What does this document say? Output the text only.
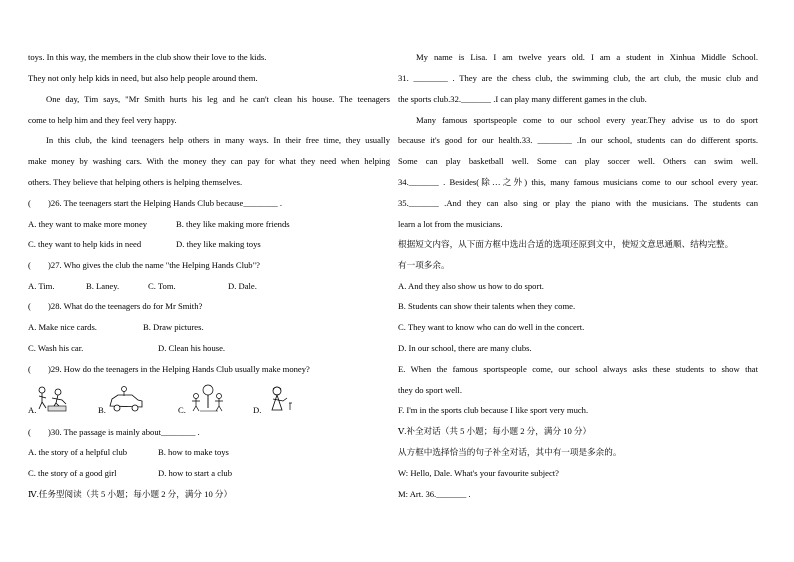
toys. In this way, the members in the club show their love to the kids.
They not only help kids in need, but also help people around them.
One day, Tim says, "Mr Smith hurts his leg and he can't clean his house. The teenagers
come to help him and they feel very happy.
In this club, the kind teenagers help others in many ways. In their free time, they usually
make money by washing cars. With the money they can pay for what they need when helping
others. They believe that helping others is helping themselves.
(　　)26. The teenagers start the Helping Hands Club because________ .
A. they want to make more money	B. they like making more friends
C. they want to help kids in need	D. they like making toys
(　　)27. Who gives the club the name "the Helping Hands Club"?
A. Tim.	B. Laney.	C. Tom.	D. Dale.
(　　)28. What do the teenagers do for Mr Smith?
A. Make nice cards.	B. Draw pictures.
C. Wash his car.	D. Clean his house.
(　　)29. How do the teenagers in the Helping Hands Club usually make money?
A.	B.	C.	D.
(　　)30. The passage is mainly about________ .
A. the story of a helpful club	B. how to make toys
C. the story of a good girl	D. how to start a club
Ⅳ.任务型阅读（共 5 小题；每小题 2 分，满分 10 分）
My name is Lisa. I am twelve years old. I am a student in Xinhua Middle School.
31. ________ . They are the chess club, the swimming club, the art club, the music club and
the sports club.32._______ .I can play many different games in the club.
Many famous sportspeople come to our school every year.They advise us to do sport
because it's good for our health.33. ________ .In our school, students can do different sports.
Some can play basketball well. Some can play soccer well. Others can swim well.
34._______ . Besides(除…之外) this, many famous musicians come to our school every year.
35._______ .And they can also sing or play the piano with the musicians. The students can
learn a lot from the musicians.
根据短文内容，从下面方框中选出合适的选项还原到文中，使短文意思通顺、结构完整。
有一项多余。
A. And they also show us how to do sport.
B. Students can show their talents when they come.
C. They want to know who can do well in the concert.
D. In our school, there are many clubs.
E. When the famous sportspeople come, our school always asks these students to show that
they do sport well.
F. I'm in the sports club because I like sport very much.
Ⅴ.补全对话（共 5 小题；每小题 2 分，满分 10 分）
从方框中选择恰当的句子补全对话，其中有一项是多余的。
W: Hello, Dale. What's your favourite subject?
M: Art. 36._______ .
